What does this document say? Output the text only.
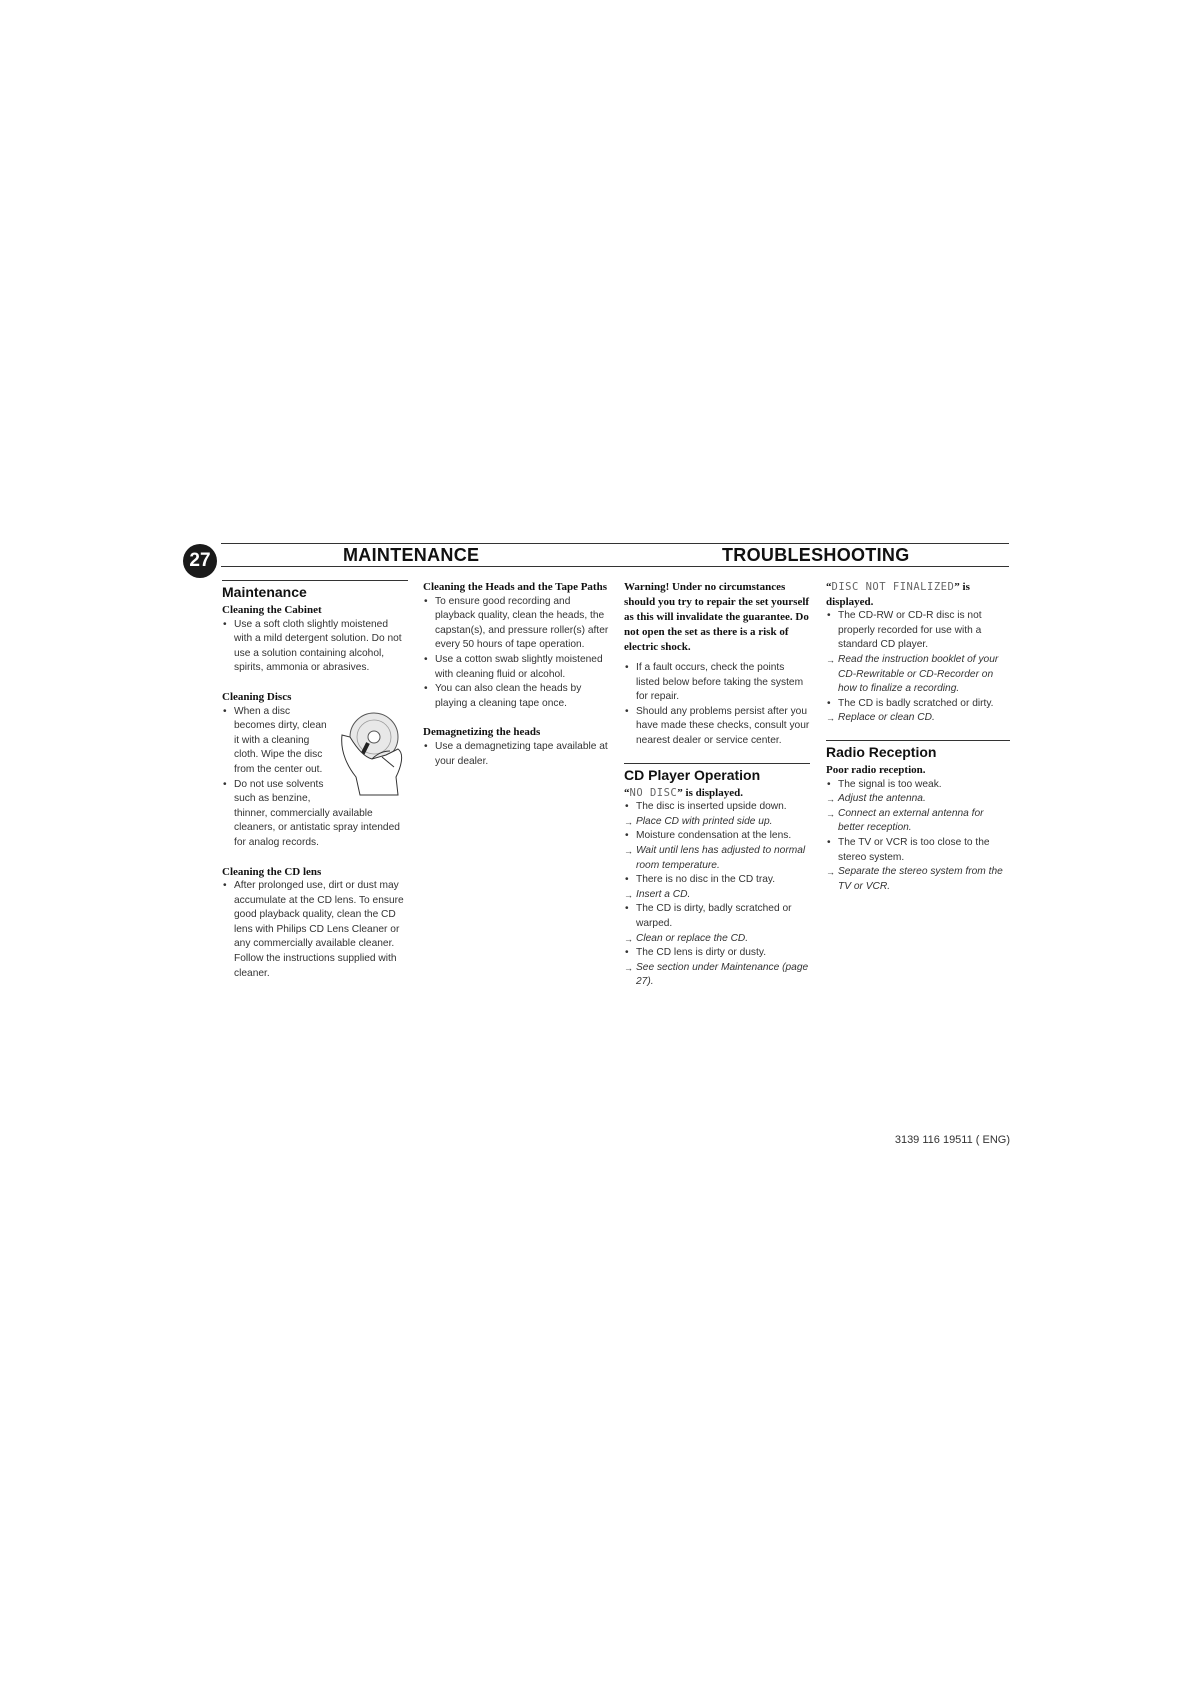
27	MAINTENANCE	TROUBLESHOOTING
Maintenance
Cleaning the Cabinet
• Use a soft cloth slightly moistened with a mild detergent solution. Do not use a solution containing alcohol, spirits, ammonia or abrasives.
Cleaning Discs
• When a disc becomes dirty, clean it with a cleaning cloth. Wipe the disc from the center out.
• Do not use solvents such as benzine, thinner, commercially available cleaners, or antistatic spray intended for analog records.
Cleaning the CD lens
• After prolonged use, dirt or dust may accumulate at the CD lens. To ensure good playback quality, clean the CD lens with Philips CD Lens Cleaner or any commercially available cleaner. Follow the instructions supplied with cleaner.
Cleaning the Heads and the Tape Paths
• To ensure good recording and playback quality, clean the heads, the capstan(s), and pressure roller(s) after every 50 hours of tape operation.
• Use a cotton swab slightly moistened with cleaning fluid or alcohol.
• You can also clean the heads by playing a cleaning tape once.
Demagnetizing the heads
• Use a demagnetizing tape available at your dealer.

Warning! Under no circumstances should you try to repair the set yourself as this will invalidate the guarantee. Do not open the set as there is a risk of electric shock.

• If a fault occurs, check the points listed below before taking the system for repair.
• Should any problems persist after you have made these checks, consult your nearest dealer or service center.
CD Player Operation
“NO DISC” is displayed.
• The disc is inserted upside down.
→ Place CD with printed side up.
• Moisture condensation at the lens.
→ Wait until lens has adjusted to normal room temperature.
• There is no disc in the CD tray.
→ Insert a CD.
• The CD is dirty, badly scratched or warped.
→ Clean or replace the CD.
• The CD lens is dirty or dusty.
→ See section under Maintenance (page 27).
“DISC NOT FINALIZED” is displayed.
• The CD-RW or CD-R disc is not properly recorded for use with a standard CD player.
→ Read the instruction booklet of your CD-Rewritable or CD-Recorder on how to finalize a recording.
• The CD is badly scratched or dirty.
→ Replace or clean CD.
Radio Reception
Poor radio reception.
• The signal is too weak.
→ Adjust the antenna.
→ Connect an external antenna for better reception.
• The TV or VCR is too close to the stereo system.
→ Separate the stereo system from the TV or VCR.
3139 116 19511 ( ENG)
